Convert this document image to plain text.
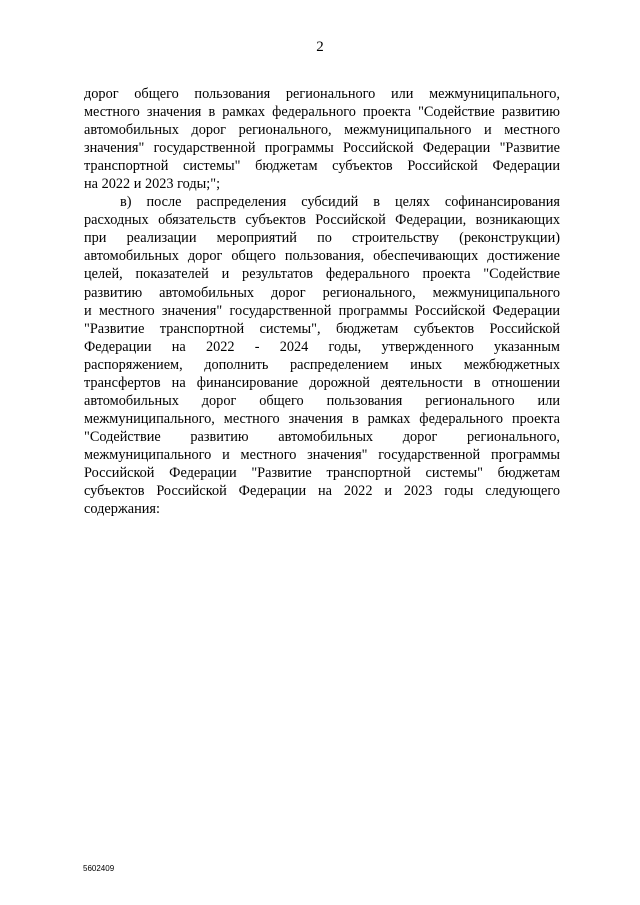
2
дорог общего пользования регионального или межмуниципального,
местного значения в рамках федерального проекта "Содействие развитию
автомобильных дорог регионального, межмуниципального и местного
значения" государственной программы Российской Федерации "Развитие
транспортной системы" бюджетам субъектов Российской Федерации
на 2022 и 2023 годы;";
в) после распределения субсидий в целях софинансирования
расходных обязательств субъектов Российской Федерации, возникающих
при реализации мероприятий по строительству (реконструкции)
автомобильных дорог общего пользования, обеспечивающих достижение
целей, показателей и результатов федерального проекта "Содействие
развитию автомобильных дорог регионального, межмуниципального
и местного значения" государственной программы Российской Федерации
"Развитие транспортной системы", бюджетам субъектов Российской
Федерации на 2022 - 2024 годы, утвержденного указанным
распоряжением, дополнить распределением иных межбюджетных
трансфертов на финансирование дорожной деятельности в отношении
автомобильных дорог общего пользования регионального или
межмуниципального, местного значения в рамках федерального проекта
"Содействие развитию автомобильных дорог регионального,
межмуниципального и местного значения" государственной программы
Российской Федерации "Развитие транспортной системы" бюджетам
субъектов Российской Федерации на 2022 и 2023 годы следующего
содержания:
5602409
